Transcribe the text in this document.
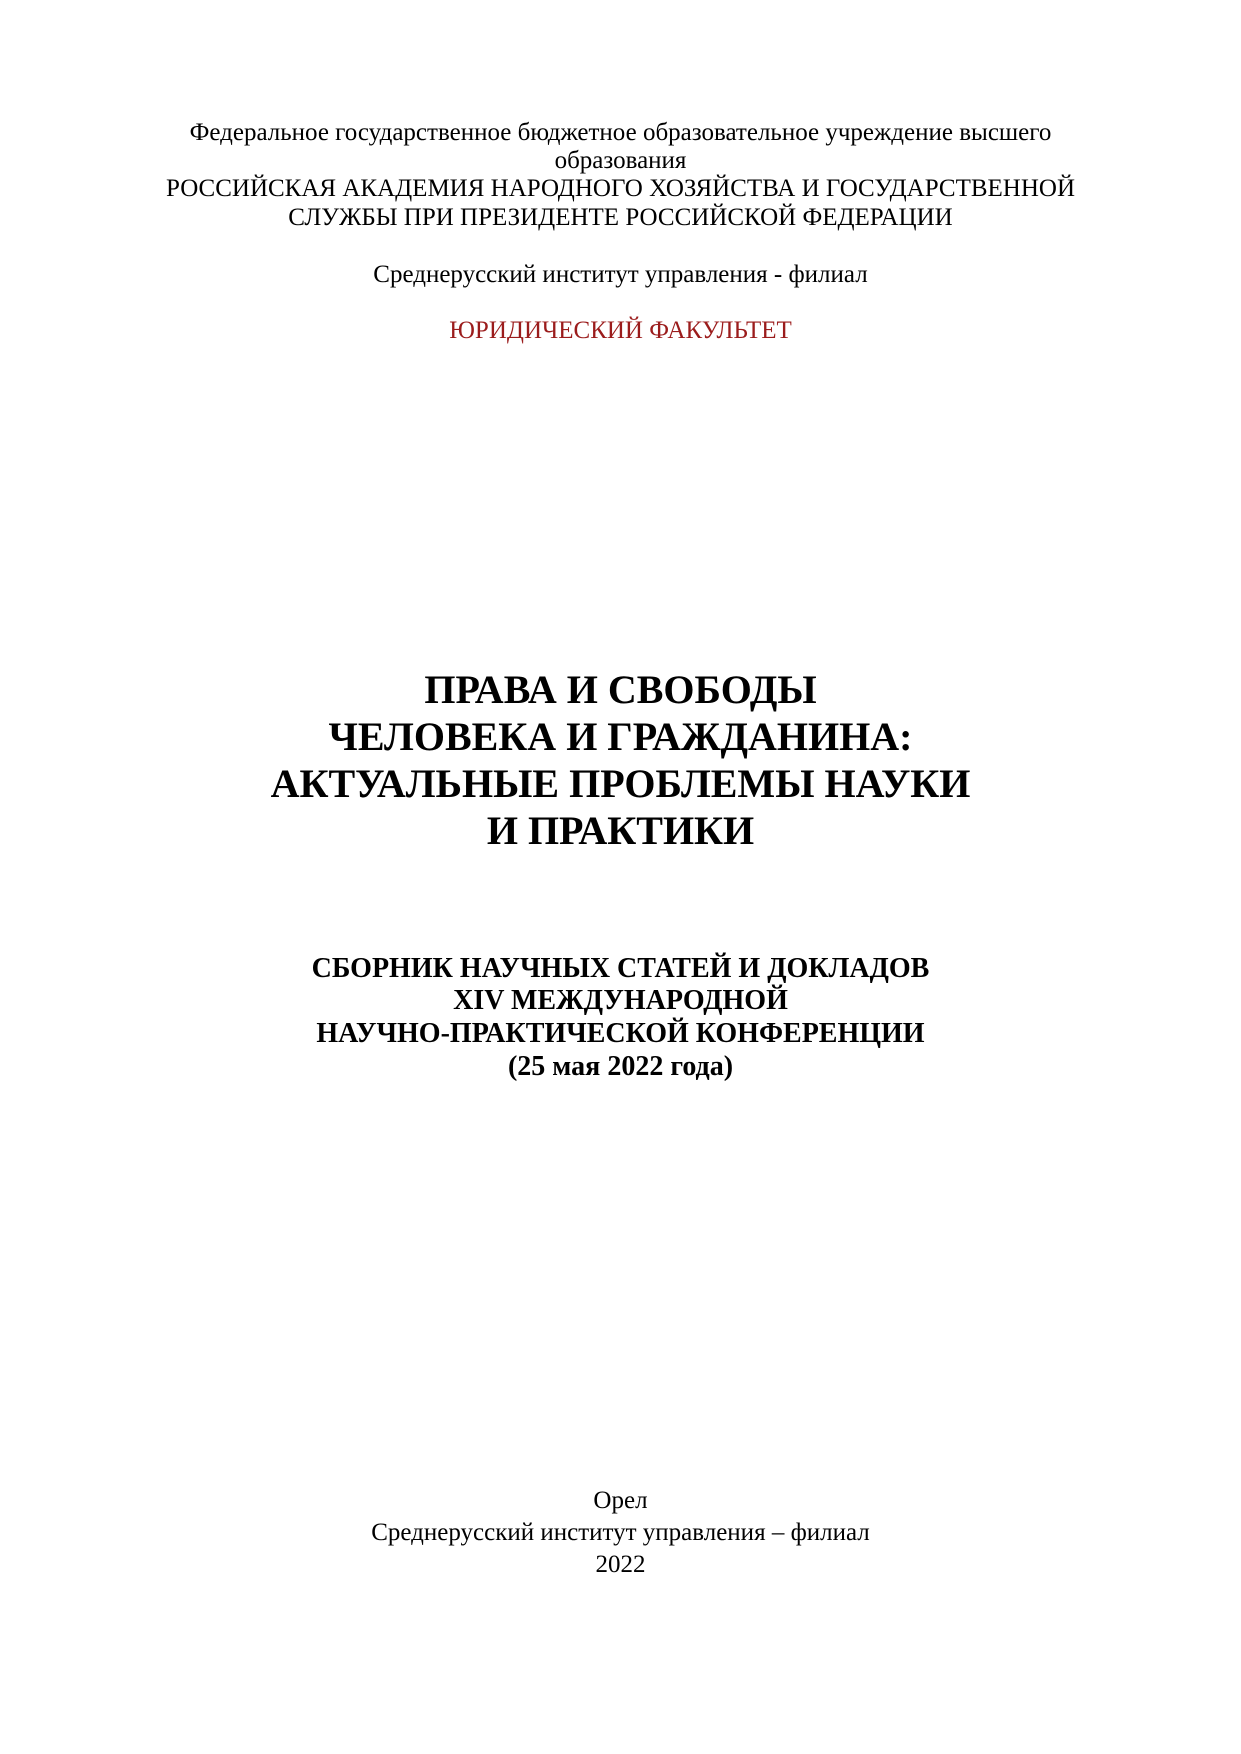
Федеральное государственное бюджетное образовательное учреждение высшего
образования
РОССИЙСКАЯ АКАДЕМИЯ НАРОДНОГО ХОЗЯЙСТВА И ГОСУДАРСТВЕННОЙ
СЛУЖБЫ ПРИ ПРЕЗИДЕНТЕ РОССИЙСКОЙ ФЕДЕРАЦИИ
Среднерусский институт управления - филиал
ЮРИДИЧЕСКИЙ ФАКУЛЬТЕТ
ПРАВА И СВОБОДЫ
ЧЕЛОВЕКА И ГРАЖДАНИНА:
АКТУАЛЬНЫЕ ПРОБЛЕМЫ НАУКИ
И ПРАКТИКИ
СБОРНИК НАУЧНЫХ СТАТЕЙ И ДОКЛАДОВ
XIV МЕЖДУНАРОДНОЙ
НАУЧНО-ПРАКТИЧЕСКОЙ КОНФЕРЕНЦИИ
(25 мая 2022 года)
Орел
Среднерусский институт управления – филиал
2022
